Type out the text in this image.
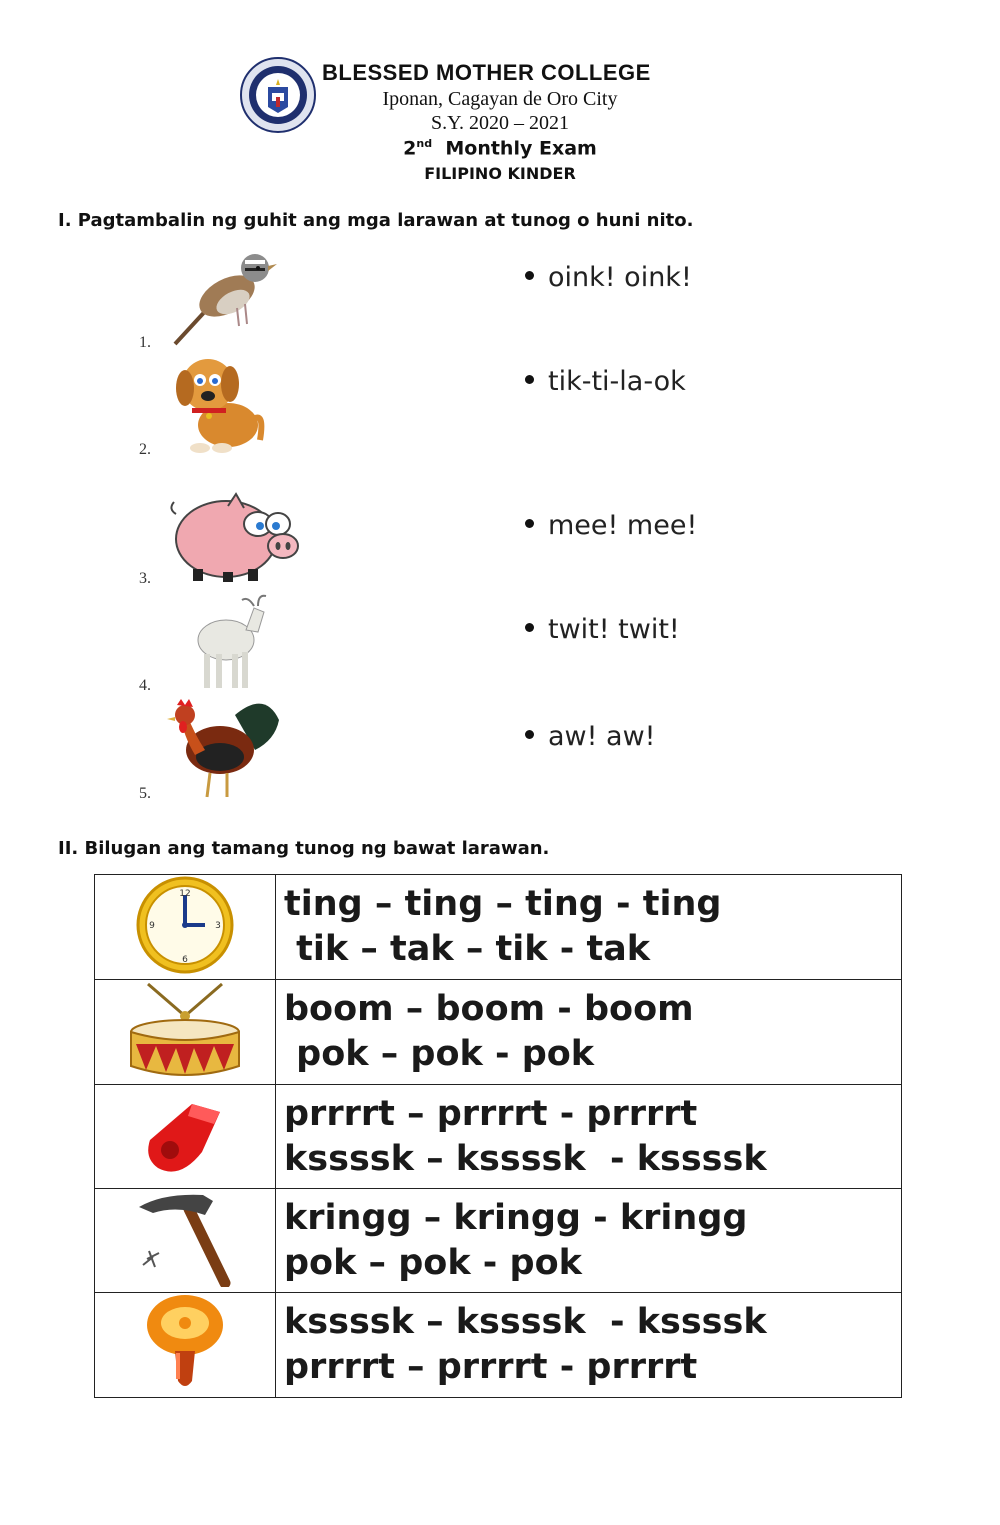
BLESSED MOTHER COLLEGE
Iponan, Cagayan de Oro City
S.Y. 2020 – 2021
2nd Monthly Exam
FILIPINO KINDER
I. Pagtambalin ng guhit ang mga larawan at tunog o huni nito.
1.
2.
3.
4.
5.
oink! oink!
tik-ti-la-ok
mee! mee!
twit! twit!
aw! aw!
II. Bilugan ang tamang tunog ng bawat larawan.
12
3
6
9	ting – ting – ting - ting
tik – tak – tik - tak

boom – boom - boom
pok – pok - pok

prrrrt – prrrrt - prrrrt
kssssk – kssssk  - kssssk

kringg – kringg - kringg
pok – pok - pok

kssssk – kssssk  - kssssk
prrrrt – prrrrt - prrrrt
